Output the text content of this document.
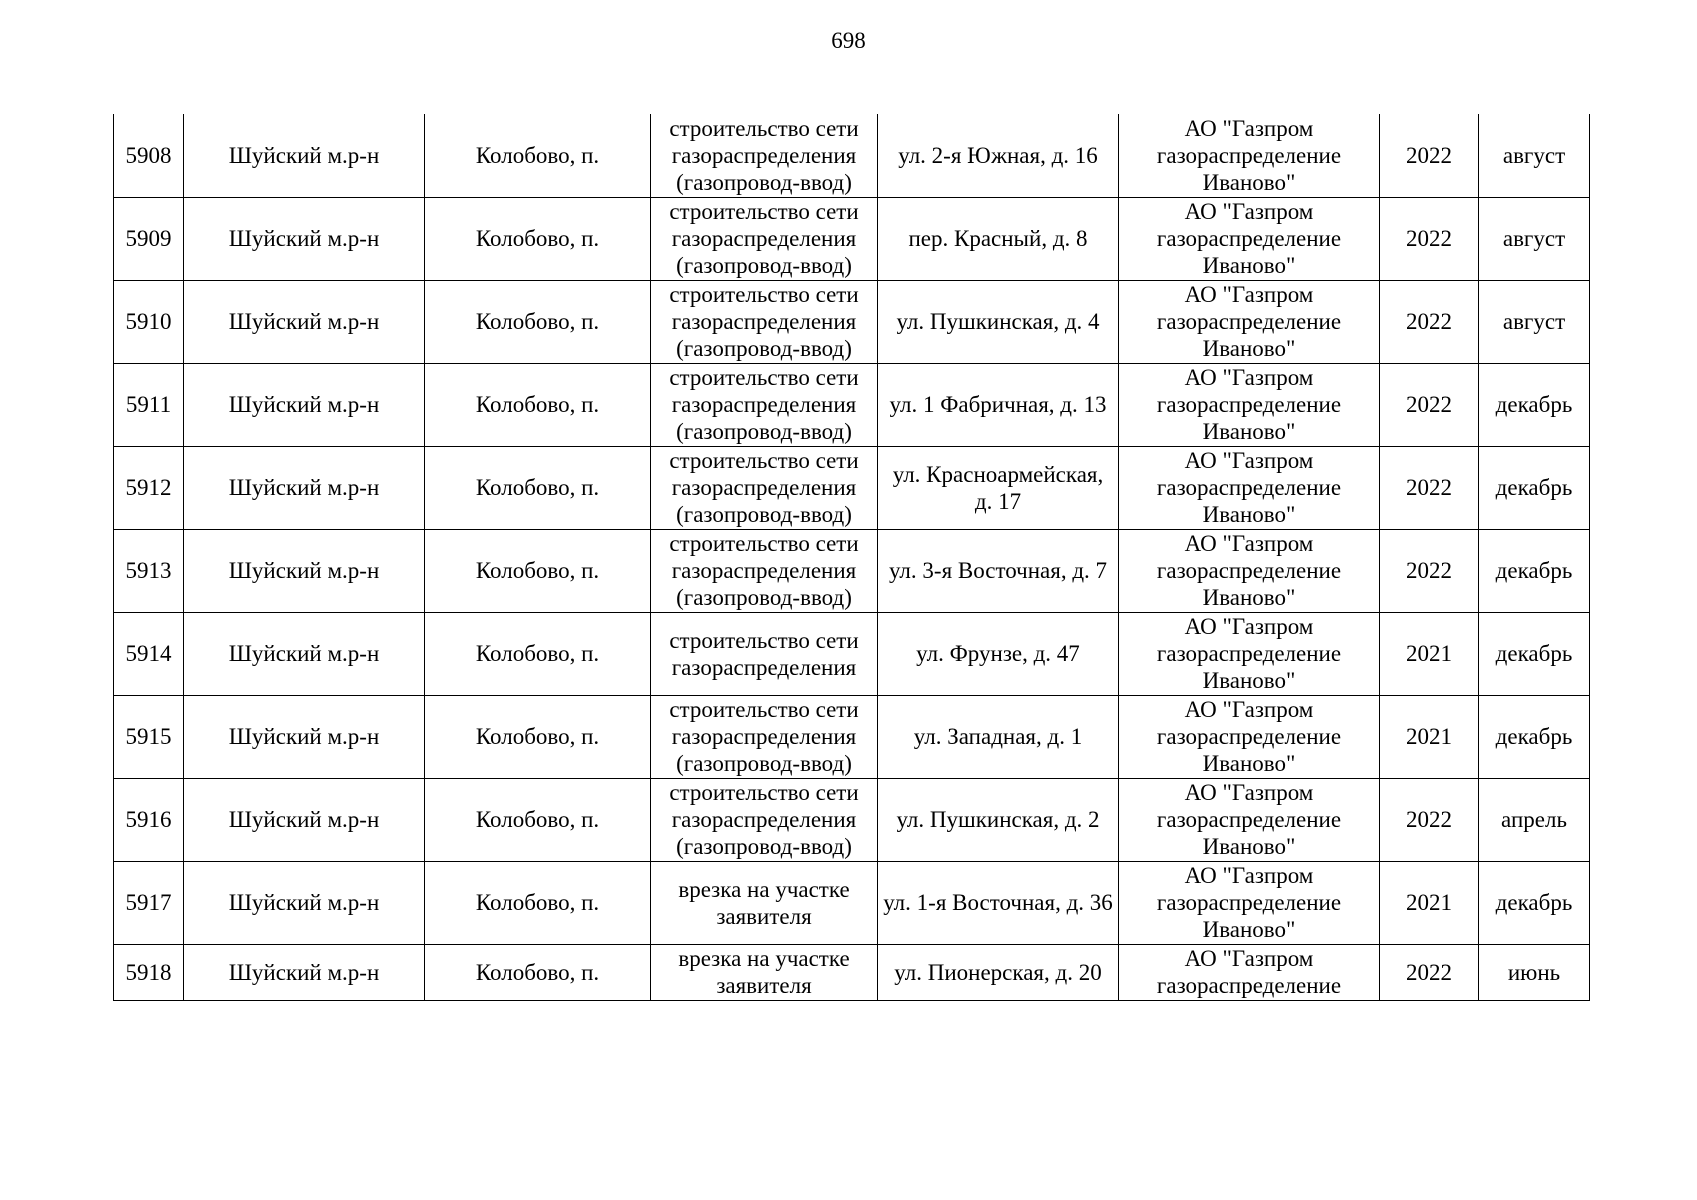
698
5908	Шуйский м.р-н	Колобово, п.	строительство сети газораспределения (газопровод-ввод)	ул. 2-я Южная, д. 16	АО "Газпром газораспределение Иваново"	2022	август

5909	Шуйский м.р-н	Колобово, п.	строительство сети газораспределения (газопровод-ввод)	пер. Красный, д. 8	АО "Газпром газораспределение Иваново"	2022	август

5910	Шуйский м.р-н	Колобово, п.	строительство сети газораспределения (газопровод-ввод)	ул. Пушкинская, д. 4	АО "Газпром газораспределение Иваново"	2022	август

5911	Шуйский м.р-н	Колобово, п.	строительство сети газораспределения (газопровод-ввод)	ул. 1 Фабричная, д. 13	АО "Газпром газораспределение Иваново"	2022	декабрь

5912	Шуйский м.р-н	Колобово, п.	строительство сети газораспределения (газопровод-ввод)	ул. Красноармейская, д. 17	АО "Газпром газораспределение Иваново"	2022	декабрь

5913	Шуйский м.р-н	Колобово, п.	строительство сети газораспределения (газопровод-ввод)	ул. 3-я Восточная, д. 7	АО "Газпром газораспределение Иваново"	2022	декабрь

5914	Шуйский м.р-н	Колобово, п.	строительство сети газораспределения	ул. Фрунзе, д. 47	АО "Газпром газораспределение Иваново"	2021	декабрь

5915	Шуйский м.р-н	Колобово, п.	строительство сети газораспределения (газопровод-ввод)	ул. Западная, д. 1	АО "Газпром газораспределение Иваново"	2021	декабрь

5916	Шуйский м.р-н	Колобово, п.	строительство сети газораспределения (газопровод-ввод)	ул. Пушкинская, д. 2	АО "Газпром газораспределение Иваново"	2022	апрель

5917	Шуйский м.р-н	Колобово, п.	врезка на участке заявителя	ул. 1-я Восточная, д. 36	АО "Газпром газораспределение Иваново"	2021	декабрь

5918	Шуйский м.р-н	Колобово, п.	врезка на участке заявителя	ул. Пионерская, д. 20	АО "Газпром газораспределение	2022	июнь
